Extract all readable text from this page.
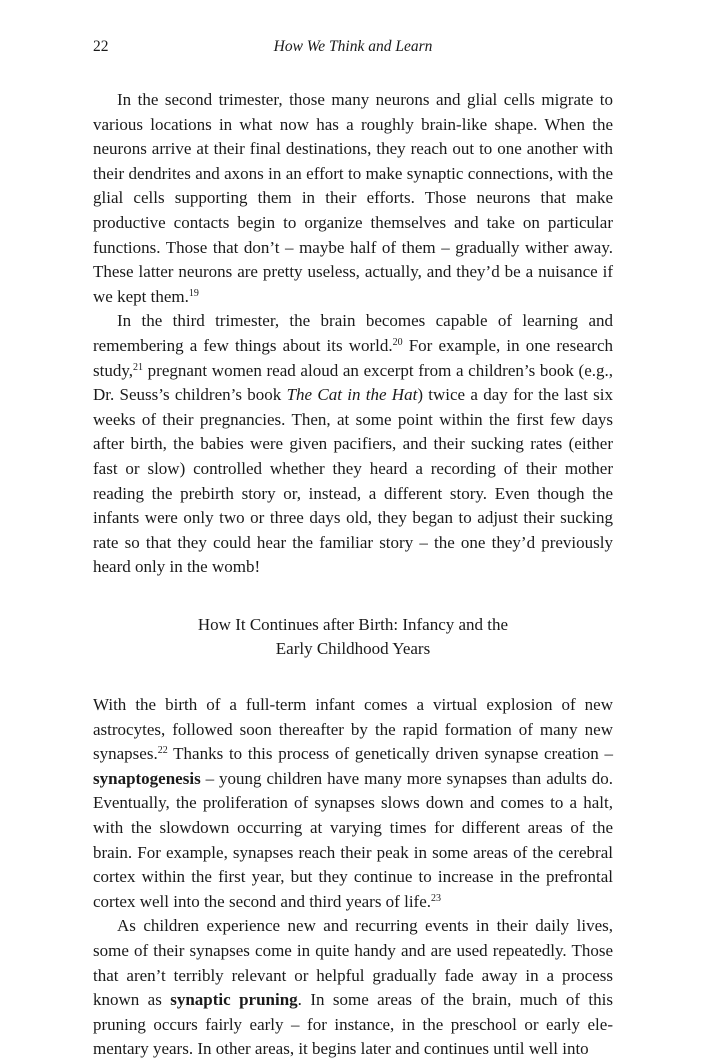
22	How We Think and Learn

In the second trimester, those many neurons and glial cells migrate to various locations in what now has a roughly brain-like shape. When the neurons arrive at their final destinations, they reach out to one another with their dendrites and axons in an effort to make synaptic connections, with the glial cells supporting them in their efforts. Those neurons that make productive contacts begin to organize themselves and take on particular functions. Those that don’t – maybe half of them – gradually wither away. These latter neurons are pretty useless, actually, and they’d be a nuisance if we kept them.$^{19}$

In the third trimester, the brain becomes capable of learning and remembering a few things about its world.$^{20}$ For example, in one research study,$^{21}$ pregnant women read aloud an excerpt from a children’s book (e.g., Dr. Seuss’s children’s book The Cat in the Hat) twice a day for the last six weeks of their pregnancies. Then, at some point within the first few days after birth, the babies were given pacifiers, and their sucking rates (either fast or slow) controlled whether they heard a recording of their mother reading the prebirth story or, instead, a different story. Even though the infants were only two or three days old, they began to adjust their sucking rate so that they could hear the familiar story – the one they’d previously heard only in the womb!

How It Continues after Birth: Infancy and the
Early Childhood Years

With the birth of a full-term infant comes a virtual explosion of new astrocytes, followed soon thereafter by the rapid formation of many new synapses.$^{22}$ Thanks to this process of genetically driven synapse creation – synaptogenesis – young children have many more synapses than adults do. Eventually, the proliferation of synapses slows down and comes to a halt, with the slowdown occurring at varying times for different areas of the brain. For example, synapses reach their peak in some areas of the cerebral cortex within the first year, but they continue to increase in the prefrontal cortex well into the second and third years of life.$^{23}$

As children experience new and recurring events in their daily lives, some of their synapses come in quite handy and are used repeatedly. Those that aren’t terribly relevant or helpful gradually fade away in a process known as synaptic pruning. In some areas of the brain, much of this pruning occurs fairly early – for instance, in the preschool or early elementary years. In other areas, it begins later and continues until well into
